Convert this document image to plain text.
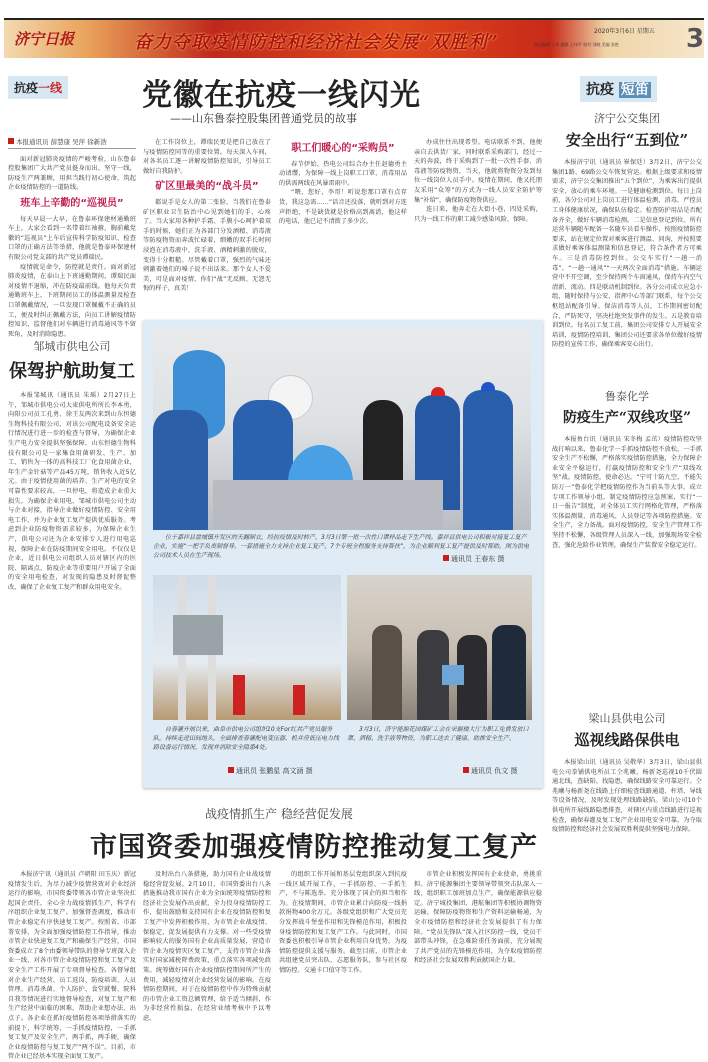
济宁日报	奋力夺取疫情防控和经济社会发展“双胜利”
2020年3月6日 星期五
责任编辑 王伟 编辑 王伟平 校对 刘晓 美编 张艳	3
抗疫一线	抗疫 短笛
党徽在抗疫一线闪光
——山东鲁泰控股集团普通党员的故事
本报通讯员 薛慧康 吴萍 徐新浩

面对新冠肺炎疫情的严峻考验，山东鲁泰控股集团广大共产党员挺身而出、坚守一线，防疫生产两兼顾，用担当践行初心使命，筑起企业疫情防控的一道防线。

班车上辛勤的“巡视员”

每天早晨一大早，在鲁泰环保建材通勤班车上，大家会看到一名带着红袖箍，胸前戴党徽的“巡视员”上车后宣传科学防疫知识、检查口罩的正确方法等举措，他就是鲁泰环保建材有限公司党支部的共产党员谭瑞民。

疫情就是命令，防控就是责任。面对新冠肺炎疫情，在泰山上下班通勤期间，谭瑞民面对疫情不退缩，冲在防疫最前线。他每天负责通勤班车上，下班期间员工的体温测量及检查口罩佩戴情况，一旦发现口罩佩戴不正确的员工，便及时纠正佩戴方法，向员工讲解疫情防控知识，监督他们对车辆进行消毒通风等不留死角，及时消除隐患。

在工作岗位上，谭瑞民更是把自己放在了与疫情防控同等的重要位置。每天深入车间，对各名员工逐一讲解疫情防控知识，引导员工做好自我防护。

矿区里最美的“战斗员”

都说手是女人的第二张脸，当我们在鲁泰矿区职业卫生防治中心见到她们的手，心疼了。当大家用各种护手霜、手膜小心呵护着双手的时候，她们正为各部门分发酒精、消毒液等防疫物资而奔波忙碌着，细嫩的双手长时间浸泡在消毒液中，洗手液、酒精刺激的脱皮，变得十分粗糙。尽管戴着口罩，强烈的气味还刺激着她们的嗓子说不出话来。那个女人不爱美，可是面对疫情，你们“战”无反顾、无怨无悔的样子，真美！

职工们暖心的“采购员”

春节伊始，热电公司综合办主任赵德勇主动请缨，为保障一线上岗职工口罩、消毒用品的供需两线在风暴雷雨中。

“喂，您好，李哥！听说您那口罩有点存货，我这急需……”话音还没落，就听到对方连声拒绝，不是缺货就是价格高到离谱，他这样的电话，他已记不清拨了多少次。

办成往往出现希望。电话联系不到，他便亲自去供货厂家，同时联系采购部门，经过一天的奔波，终于采购到了一批一次性手套、消毒液等防疫物资，当天，他就将物资分发到每位一线岗位人员手中。疫情在期间，他又托朋友采用“众筹”的方式为一线人员安全防护筹集“补给”，确保防疫物资供应。

连日来，他奔走在大街小巷，四处采购，只为一线工作的职工减少感染风险、保障。

邹城市供电公司
保驾护航助复工
本报邹城讯（通讯员 朱瑶）2月27日上午，邹城市供电公司大束供电所所长李本勇，向阳公司员工孔勇、徐王友两次来到山东恒德生物科技有限公司，对该公司配电设备安全运行情况进行进一步的检查与督导，为确保企业生产电力安全提供坚强保障。山东恒德生物科技有限公司是一家集食用菌研发、生产、加工、销售为一体的高科技工厂化食用菌企业，年生产金针菇等产品45万吨，销售收入近5亿元。由于疫情使用菌的培养、生产对电的安全可靠性要求较高，一旦停电，将造成企业重大损失。为确保企业用电，邹城市供电公司主动与企业对接，指导企业做好疫情防控、安全用电工作，并为企业复工复产提供优质服务。考虑到企业防疫物资需求较多，为保障企业生产，供电公司还为企业安排专人进行用电巡视，保障企业在防疫期间安全用电。不仅仅是企业，近日供电公司组织人员对辖区内的医院、隔离点、防疫企业等重要用户开展了全面的安全用电检查，对发现的隐患及时督促整改，确保了企业复工复产和群众用电安全。
位于嘉祥县盘城镇开发区的天翻制衣，经抗疫情及时转产，3月3日第一批一次性口罩样品走下生产线。嘉祥县供电公司积极对接复工复产企业，实施“一把手负责制督导，一套措施全力支持企业复工复产，7个专班全程服务支持帮扶”，为企业顺利复工复产提供及时帮助。图为供电公司技术人员在生产现场。	通讯员 王春东 摄
自春灌开展以来，曲阜市供电公司组织10支For红共产党员服务队，持续走进田间地头，全面排查春灌配电变压器、机井房低压电力线路设备运行情况，发现并消除安全隐患4处。
通讯员 张鹏星 高文涵 摄
3月3日，济宁能源花园煤矿工会在采掘楼大厅为职工免费发放口罩、酒精、洗手液等物资，为职工送去了健康，助推安全生产。
通讯员 仇文 摄
战疫情抓生产 稳经营促发展
市国资委加强疫情防控推动复工复产
本报济宁讯（通讯员 卢朝阳 田玉庆）新冠疫情发生后，为尽力减少疫情营效对企业经济运行的影响，市国资委带领各市管企业坚决扛起国企责任，全心全力战疫情抓生产，科学有序组织企业复工复产。加强督查调度，推动市管企业稳定有序快速复工复产。按照省、市部署安排，为全面加强疫情防控工作指导，推动市管企业快速复工复产和确保生产经营，市国资委成立了8个由委领导带队的督导专班深入企业一线，对各市管企业疫情防控和复工复产及安全生产工作开展了专项督导检查。各督导组对企业生产经营、员工返岗、防疫培训、人员管理、消毒杀菌、个人防护、食堂就餐、院科自我等情况进行实地督导检查，对复工复产和生产经营中面临的困难，帮助企业想办法、出点子。各企业在抓好疫情防控各项举措落实的前提下，科学统筹，一手抓疫情防控，一手抓复工复产及安全生产，两手抓，两手硬，确保企业疫情防控与复工复产“两不误”。目前，市管企业已经基本实现全面复工复产。
及时出台八条措施，助力国有企业战疫情稳经营促发展。2月10日，市国资委出台八条措施推动我市国有企业为全面统筹疫情防控和经济社会发展作出贡献，全力投身疫情防控工作，提出鼓励和支持国有企业在疫情防控和复工复产中发挥积极作用，为市管企业战疫情、保稳定、促发展提供有力支撑。对一些受疫情影响较大的服务国有企业高质量发展，营造市管企业为疫情灾区复工复产，支持市管企业落实好国家减税降费政策，重点落实各项减免政策。统筹做好国有企业疫情防控期间所产生的费用，减轻疫情对企业经营发展的影响。在疫情防控期间，对于在疫情防控中作为特殊贡献的市管企业工资总额管理，给予适当倾斜，作为非经营性损益，在经营业绩考核中予以考虑。
的组织工作开展和基层党组织深入到抗疫一线区域开展工作，一手抓防控、一手抓生产，不与陈选举，充分体现了国企的担当和作为。在疫情期间，市管企业累计向防疫一线捐款捐物400余万元。各级党组织和广大党员充分发挥战斗堡垒作用和先锋模范作用，积极投身疫情防控和复工复产工作。与此同时，市国资委也积极引导市管企业利用自身优势，为疫情防控提供支援与服务。截至目前，市管企业共组建党员突击队、志愿服务队，参与社区疫情防控、交通卡口值守等工作。
市管企业积极发挥国有企业使命，勇挑重担。济宁能源集团主要领导带领突击队深入一线，组织职工加班加点生产，确保能源供应稳定。济宁城投集团、港航集团等积极协调物资运输，保障防疫物资和生产资料运输畅通，为全市疫情防控和经济社会发展提供了有力保障。“党员先锋队”深入社区防控一线，党员干部带头冲锋，在急难险重任务面前，充分展现了共产党员的先锋模范作用，为夺取疫情防控和经济社会发展双胜利贡献国企力量。
济宁公交集团
安全出行“五到位”
本报济宁讯（通讯员 崔保廷）3月2日，济宁公交集团1路、69路公交车恢复营运。根据上级要求和疫情需求，济宁公交集团推出“五个到位”，为乘客出行提供安全、放心的乘车环境。一是健康检测到位。每日上岗前，各分公司对上岗员工进行体温检测、消毒，严控员工身体健康状况，确保队伍稳定。检查防护用品是否配备齐全，做好车辆消毒检测。二是信息登记到位。所有运营车辆随车配备一名随车员看车操作，按照疫情防控要求，站在规定位置对乘客进行测温、问询，并按照要求做好乘客体温测量和信息登记，符合条件者方可乘车。三是消毒防控到位。公交车实行“一趟一消毒”、“一趟一通风”“一天两次全面消毒”措施。车辆运营中不开空调，至少保持两个车窗通风，保持车内空气清新、流动。四是联动机制到位。各分公司成立应急小组，随时保持与公安、指挥中心等部门联系，每个公交枢纽站配备引导、保洁消毒等人员，工作期间密切配合，严防死守，坚决杜绝突发事件的发生。五是教育培训到位。每名员工复工前，集团公司安排专人开展安全培训，疫情防控培训，集团公司还要求各单位做好疫情防控的宣传工作，确保乘客安心出行。
鲁泰化学
防疫生产“双线攻坚”
本报鱼台讯（通讯员 宋冬梅 孟茁）疫情防控攻坚战打响以来，鲁泰化学一手抓疫情防控不放松，一手抓安全生产不松懈，严格落实疫情防控措施，全力保障企业安全平稳运行，打赢疫情防控和安全生产“双线攻坚”战。疫情防控，使命必达。“宁可十防九空，不能失防万一”鲁泰化学把疫情防控作为当前头等大事，成立专项工作领导小组，制定疫情防控应急预案，实行“一日一报告”制度，对全体员工实行网格化管理，严格落实体温测量、消毒通风、人员登记等各项防控措施。安全生产，全力备战。面对疫情防控，安全生产管理工作坚持不松懈，各级管理人员深入一线，加强现场安全检查，强化危险作业管理，确保生产装置安全稳定运行。
梁山县供电公司
巡视线路保供电
本报梁山讯（通讯员 吴敬华）3月3日，梁山县供电公司拳铺供电所员工仝兆曦、杨新尧巡视10千伏圆通北线，查缺陷、找隐患，确保线路安全可靠运行。仝兆曦与杨新尧在线路上仔细检查线路通道、杆塔、导线等设备情况，及时发现处理线路缺陷。梁山公司10个供电所开展线路隐患排查，对辖区内重点线路进行巡视检查，确保春灌及复工复产企业用电安全可靠，为夺取疫情防控和经济社会发展双胜利提供坚强电力保障。
